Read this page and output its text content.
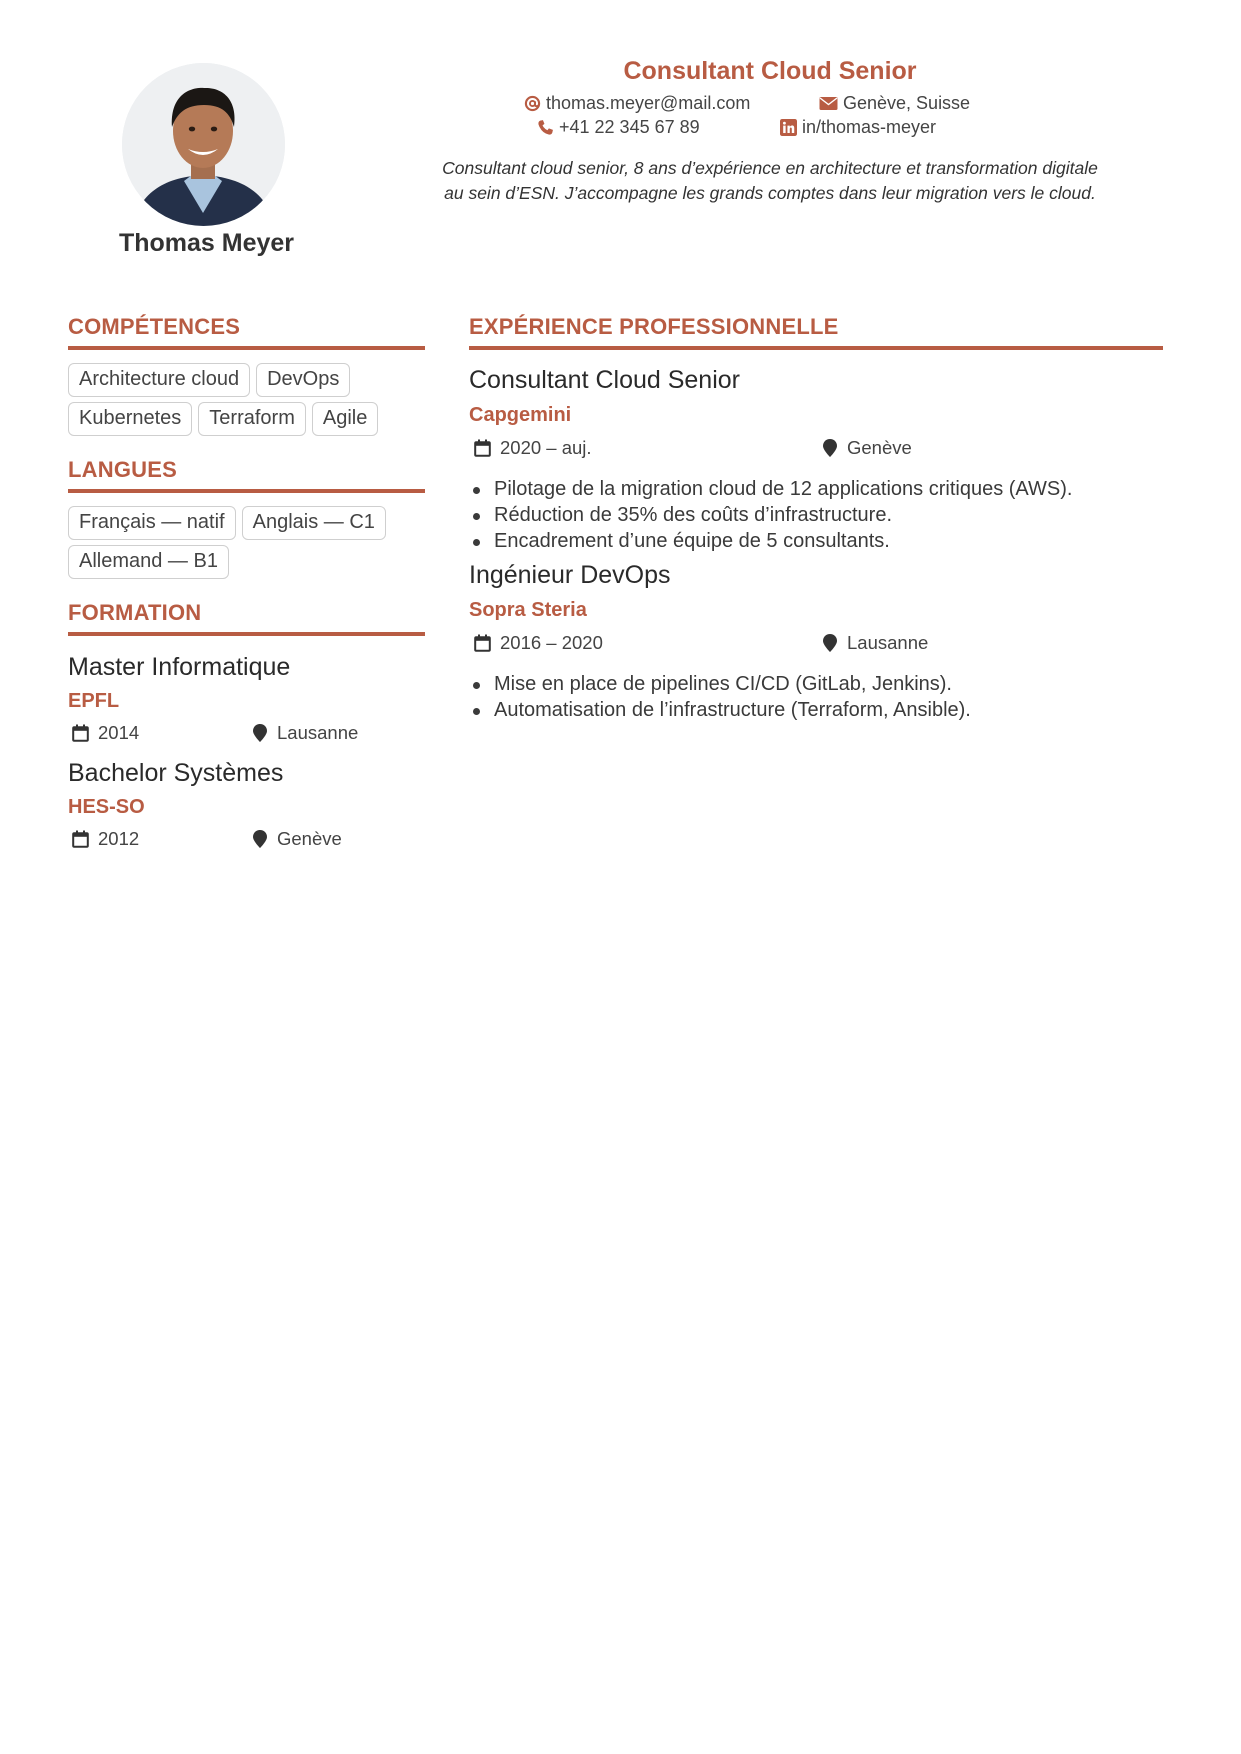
Thomas Meyer
Consultant Cloud Senior
thomas.meyer@mail.com	Genève, Suisse
+41 22 345 67 89	in/thomas-meyer
Consultant cloud senior, 8 ans d’expérience en architecture et transformation digitale
au sein d’ESN. J’accompagne les grands comptes dans leur migration vers le cloud.
COMPÉTENCES
Architecture cloud	DevOps
Kubernetes	Terraform	Agile
LANGUES
Français — natif	Anglais — C1
Allemand — B1
FORMATION
Master Informatique
EPFL
2014	Lausanne
Bachelor Systèmes
HES-SO
2012	Genève
EXPÉRIENCE PROFESSIONNELLE
Consultant Cloud Senior
Capgemini
2020 – auj.	Genève
Pilotage de la migration cloud de 12 applications critiques (AWS).
Réduction de 35% des coûts d’infrastructure.
Encadrement d’une équipe de 5 consultants.
Ingénieur DevOps
Sopra Steria
2016 – 2020	Lausanne
Mise en place de pipelines CI/CD (GitLab, Jenkins).
Automatisation de l’infrastructure (Terraform, Ansible).
